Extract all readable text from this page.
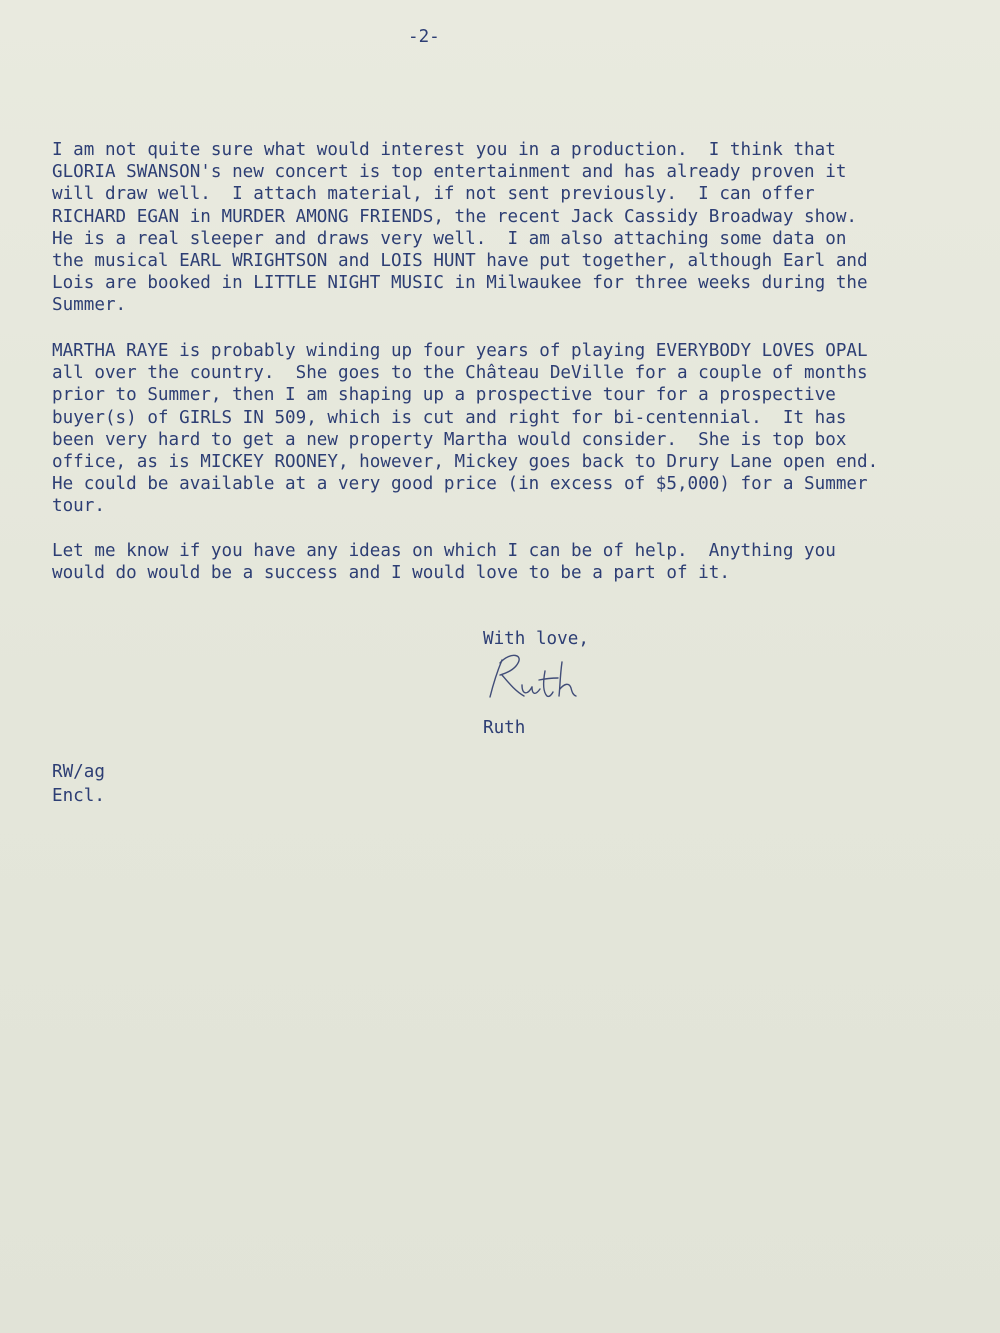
-2-

I am not quite sure what would interest you in a production.  I think that
GLORIA SWANSON's new concert is top entertainment and has already proven it
will draw well.  I attach material, if not sent previously.  I can offer
RICHARD EGAN in MURDER AMONG FRIENDS, the recent Jack Cassidy Broadway show.
He is a real sleeper and draws very well.  I am also attaching some data on
the musical EARL WRIGHTSON and LOIS HUNT have put together, although Earl and
Lois are booked in LITTLE NIGHT MUSIC in Milwaukee for three weeks during the
Summer.

MARTHA RAYE is probably winding up four years of playing EVERYBODY LOVES OPAL
all over the country.  She goes to the Château DeVille for a couple of months
prior to Summer, then I am shaping up a prospective tour for a prospective
buyer(s) of GIRLS IN 509, which is cut and right for bi-centennial.  It has
been very hard to get a new property Martha would consider.  She is top box
office, as is MICKEY ROONEY, however, Mickey goes back to Drury Lane open end.
He could be available at a very good price (in excess of $5,000) for a Summer
tour.

Let me know if you have any ideas on which I can be of help.  Anything you
would do would be a success and I would love to be a part of it.

With love,

Ruth

RW/ag

Encl.
